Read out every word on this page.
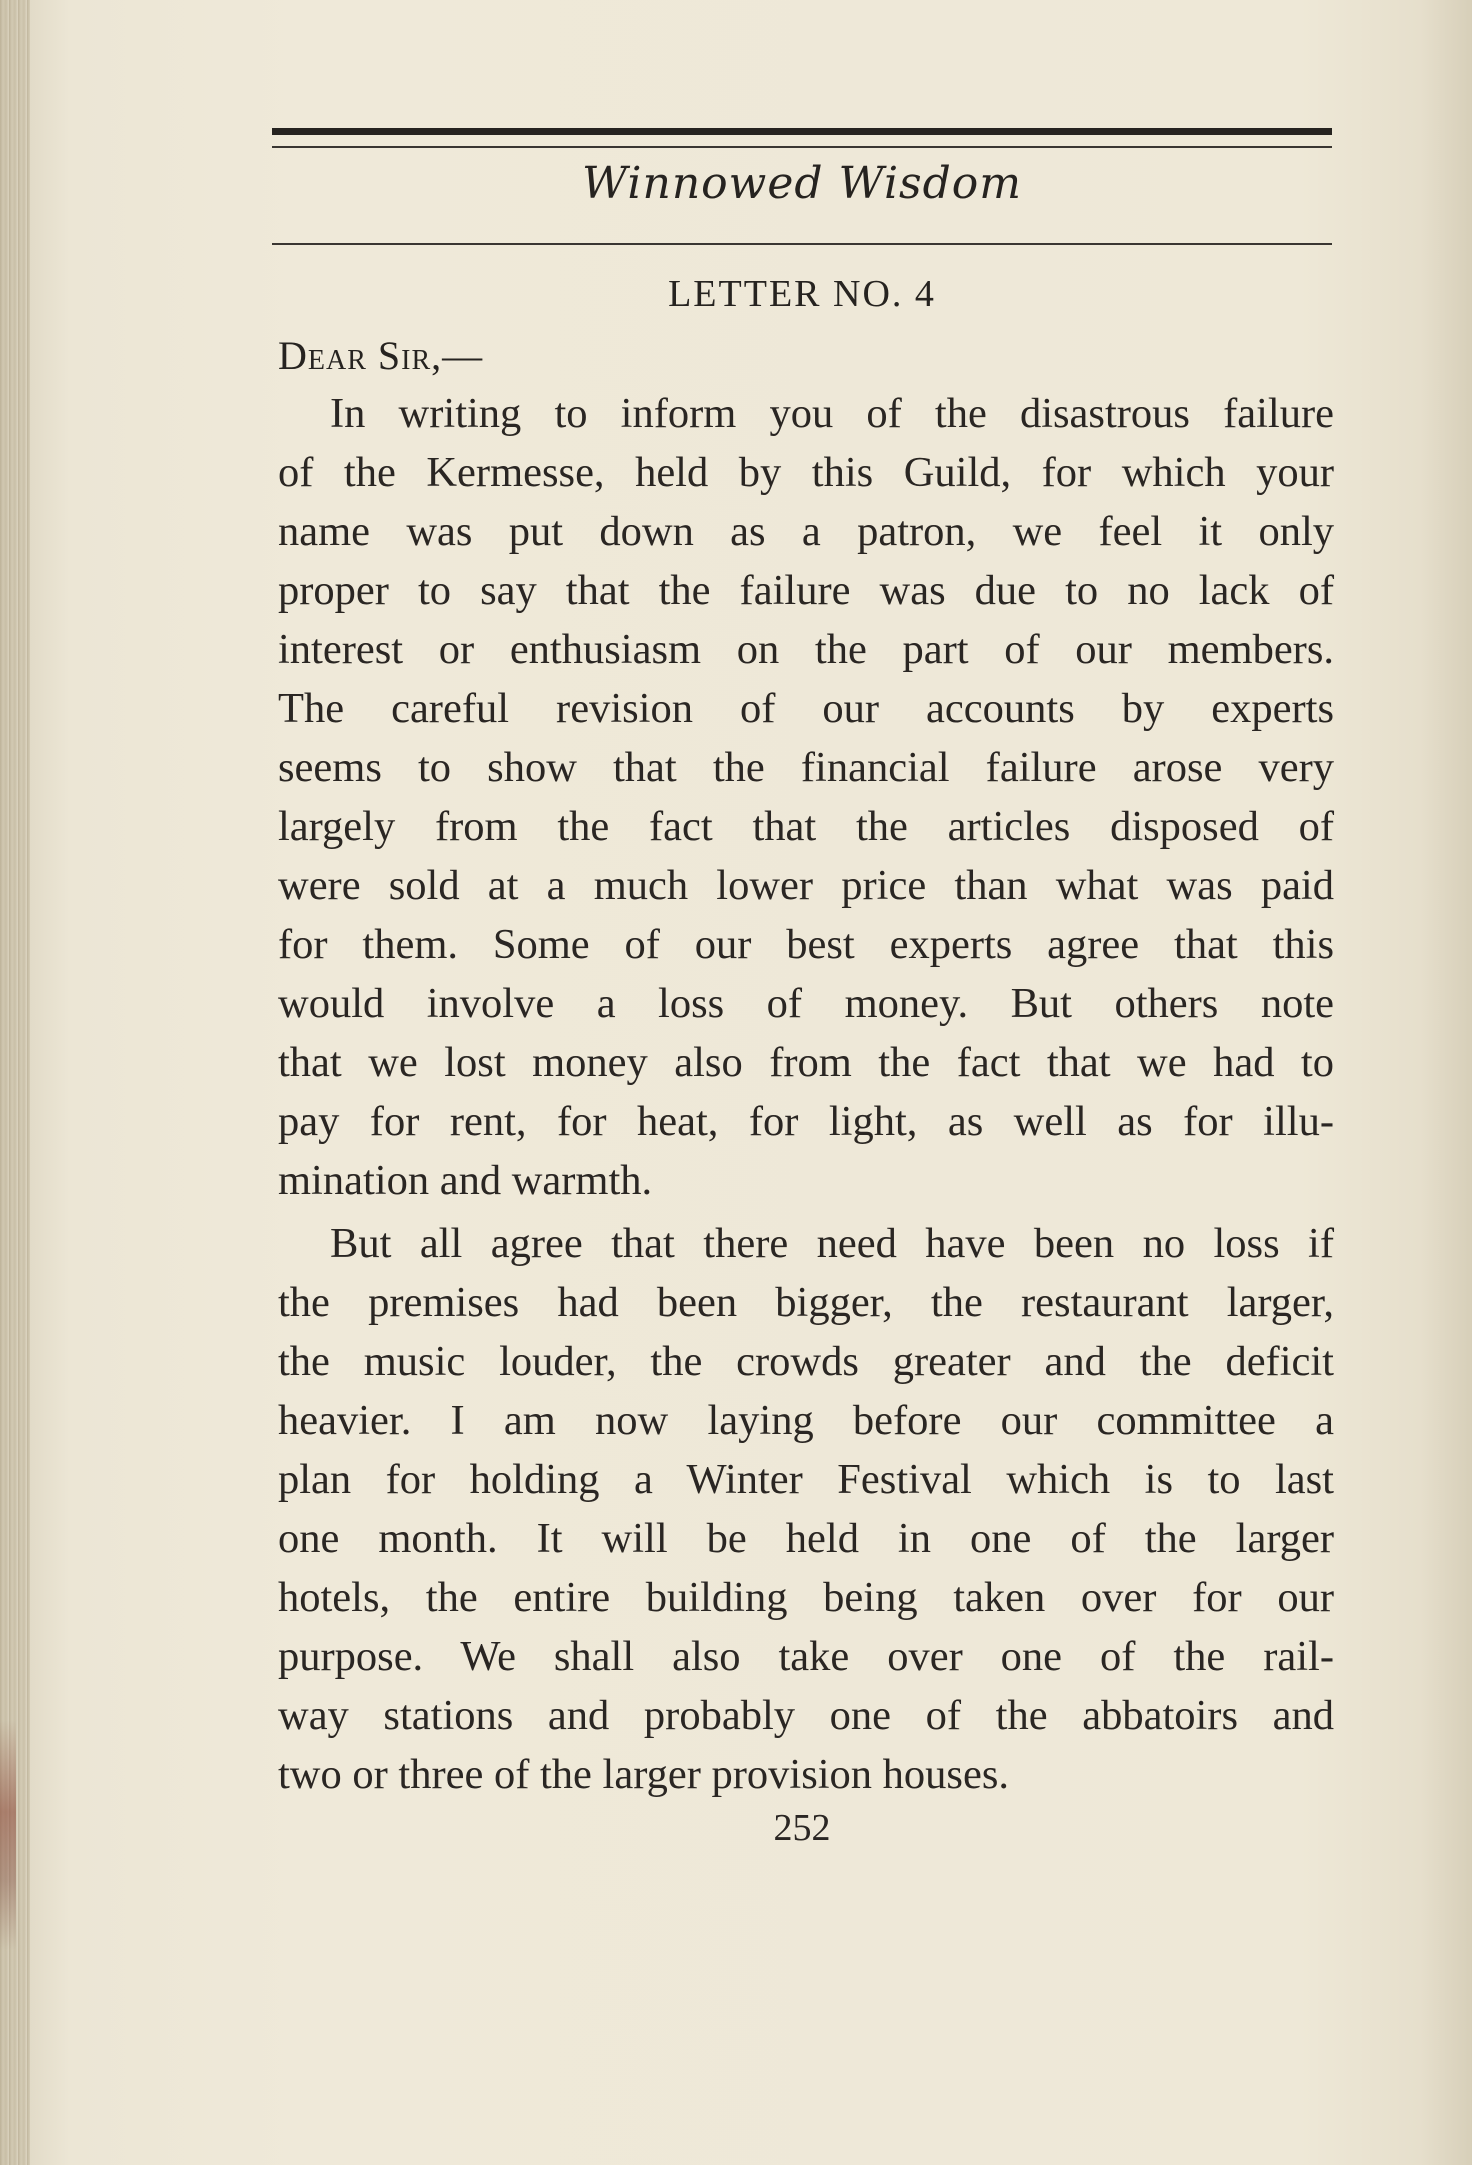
Winnowed Wisdom
LETTER NO. 4
Dear Sir,—
In writing to inform you of the disastrous failure
of the Kermesse, held by this Guild, for which your
name was put down as a patron, we feel it only
proper to say that the failure was due to no lack of
interest or enthusiasm on the part of our members.
The careful revision of our accounts by experts
seems to show that the financial failure arose very
largely from the fact that the articles disposed of
were sold at a much lower price than what was paid
for them. Some of our best experts agree that this
would involve a loss of money. But others note
that we lost money also from the fact that we had to
pay for rent, for heat, for light, as well as for illu-
mination and warmth.
But all agree that there need have been no loss if
the premises had been bigger, the restaurant larger,
the music louder, the crowds greater and the deficit
heavier. I am now laying before our committee a
plan for holding a Winter Festival which is to last
one month. It will be held in one of the larger
hotels, the entire building being taken over for our
purpose. We shall also take over one of the rail-
way stations and probably one of the abbatoirs and
two or three of the larger provision houses.
252
